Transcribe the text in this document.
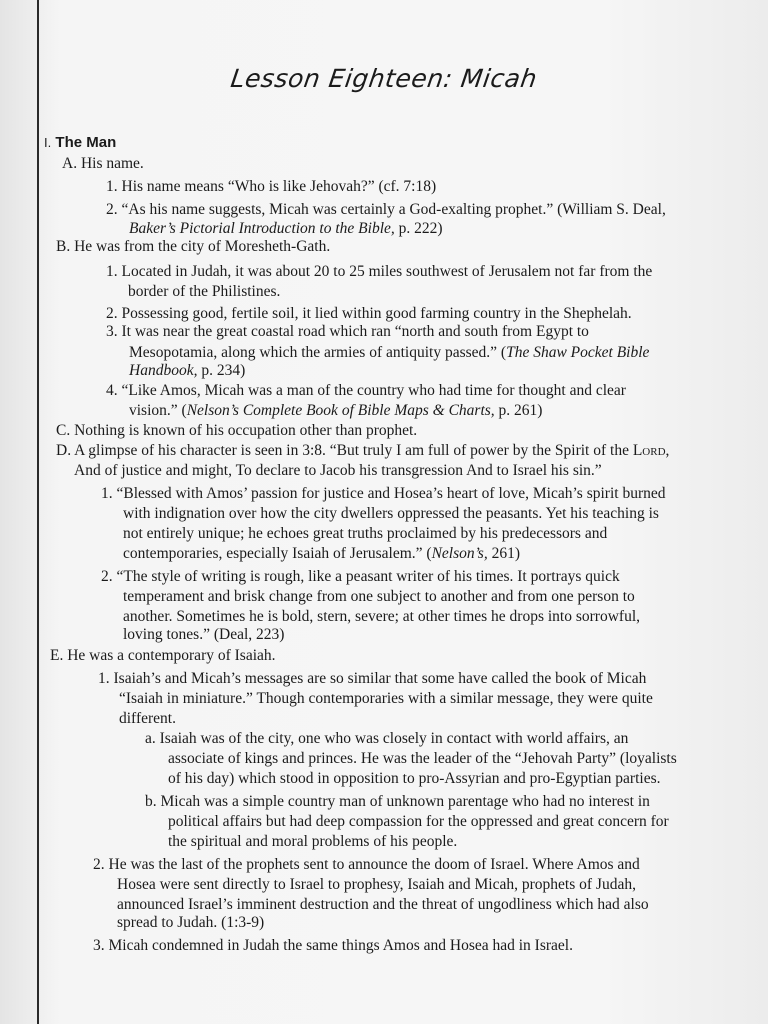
Lesson Eighteen: Micah
I. The Man
A. His name.
1. His name means “Who is like Jehovah?” (cf. 7:18)
2. “As his name suggests, Micah was certainly a God-exalting prophet.” (William S. Deal,
Baker’s Pictorial Introduction to the Bible, p. 222)
B. He was from the city of Moresheth-Gath.
1. Located in Judah, it was about 20 to 25 miles southwest of Jerusalem not far from the
border of the Philistines.
2. Possessing good, fertile soil, it lied within good farming country in the Shephelah.
3. It was near the great coastal road which ran “north and south from Egypt to
Mesopotamia, along which the armies of antiquity passed.” (The Shaw Pocket Bible
Handbook, p. 234)
4. “Like Amos, Micah was a man of the country who had time for thought and clear
vision.” (Nelson’s Complete Book of Bible Maps & Charts, p. 261)
C. Nothing is known of his occupation other than prophet.
D. A glimpse of his character is seen in 3:8. “But truly I am full of power by the Spirit of the Lord,
And of justice and might, To declare to Jacob his transgression And to Israel his sin.”
1. “Blessed with Amos’ passion for justice and Hosea’s heart of love, Micah’s spirit burned
with indignation over how the city dwellers oppressed the peasants. Yet his teaching is
not entirely unique; he echoes great truths proclaimed by his predecessors and
contemporaries, especially Isaiah of Jerusalem.” (Nelson’s, 261)
2. “The style of writing is rough, like a peasant writer of his times. It portrays quick
temperament and brisk change from one subject to another and from one person to
another. Sometimes he is bold, stern, severe; at other times he drops into sorrowful,
loving tones.” (Deal, 223)
E. He was a contemporary of Isaiah.
1. Isaiah’s and Micah’s messages are so similar that some have called the book of Micah
“Isaiah in miniature.” Though contemporaries with a similar message, they were quite
different.
a. Isaiah was of the city, one who was closely in contact with world affairs, an
associate of kings and princes. He was the leader of the “Jehovah Party” (loyalists
of his day) which stood in opposition to pro-Assyrian and pro-Egyptian parties.
b. Micah was a simple country man of unknown parentage who had no interest in
political affairs but had deep compassion for the oppressed and great concern for
the spiritual and moral problems of his people.
2. He was the last of the prophets sent to announce the doom of Israel. Where Amos and
Hosea were sent directly to Israel to prophesy, Isaiah and Micah, prophets of Judah,
announced Israel’s imminent destruction and the threat of ungodliness which had also
spread to Judah. (1:3-9)
3. Micah condemned in Judah the same things Amos and Hosea had in Israel.
